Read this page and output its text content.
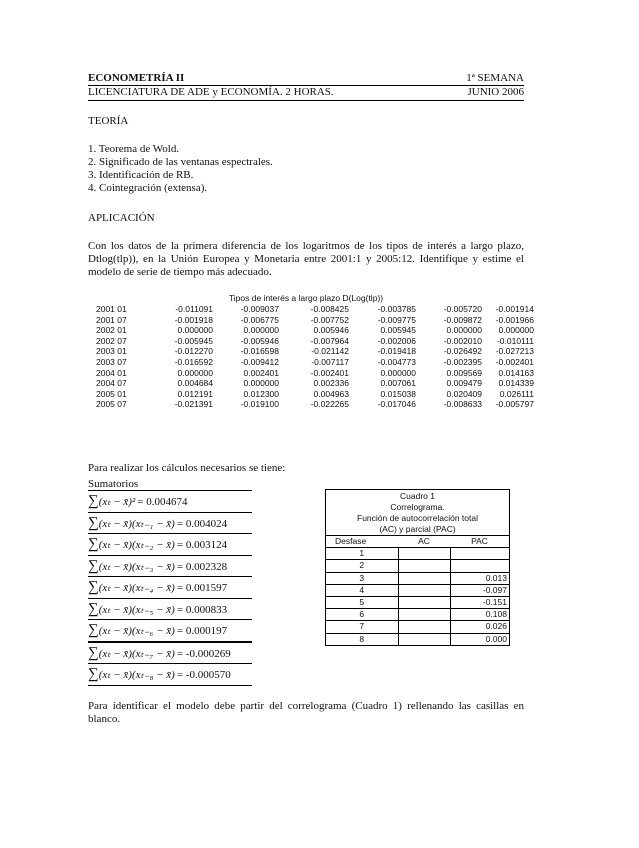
ECONOMETRÍA II
LICENCIATURA DE ADE y ECONOMÍA. 2 HORAS.
1ª SEMANA
JUNIO 2006
TEORÍA
1. Teorema de Wold.
2. Significado de las ventanas espectrales.
3. Identificación de RB.
4. Cointegración (extensa).
APLICACIÓN

Con los datos de la primera diferencia de los logaritmos de los tipos de interés a largo plazo, Dtlog(tlp)), en la Unión Europea y Monetaria entre 2001:1 y 2005:12. Identifique y estime el modelo de serie de tiempo más adecuado.

Tipos de interés a largo plazo D(Log(tlp))
2001 01	-0.011091	-0.009037	-0.008425	-0.003785	-0.005720	-0.001914
2001 07	-0.001918	-0.006775	-0.007752	-0.009775	-0.009872	-0.001966
2002 01	0.000000	0.000000	0.005946	0.005945	0.000000	0.000000
2002 07	-0.005945	-0.005946	-0.007964	-0.002006	-0.002010	-0.010111
2003 01	-0.012270	-0.016598	-0.021142	-0.019418	-0.026492	-0.027213
2003 07	-0.016592	-0.009412	-0.007117	-0.004773	-0.002395	-0.002401
2004 01	0.000000	0.002401	-0.002401	0.000000	0.009569	0.014163
2004 07	0.004684	0.000000	0.002336	0.007061	0.009479	0.014339
2005 01	0.012191	0.012300	0.004963	0.015038	0.020409	0.026111
2005 07	-0.021391	-0.019100	-0.022265	-0.017046	-0.008633	-0.005797
Para realizar los cálculos necesarios se tiene:
Sumatorios
∑(xₜ − x̄)² = 0.004674
∑(xₜ − x̄)(xₜ₋₁ − x̄) = 0.004024
∑(xₜ − x̄)(xₜ₋₂ − x̄) = 0.003124
∑(xₜ − x̄)(xₜ₋₃ − x̄) = 0.002328
∑(xₜ − x̄)(xₜ₋₄ − x̄) = 0.001597
∑(xₜ − x̄)(xₜ₋₅ − x̄) = 0.000833
∑(xₜ − x̄)(xₜ₋₆ − x̄) = 0.000197
∑(xₜ − x̄)(xₜ₋₇ − x̄) = -0.000269
∑(xₜ − x̄)(xₜ₋₈ − x̄) = -0.000570
Cuadro 1
Correlograma.
Función de autocorrelación total
(AC) y parcial (PAC)
Desfase	AC	PAC
1		
2		
3		0.013
4		-0.097
5		-0.151
6		0.108
7		0.026
8		0.000

Para identificar el modelo debe partir del correlograma (Cuadro 1) rellenando las casillas en blanco.
